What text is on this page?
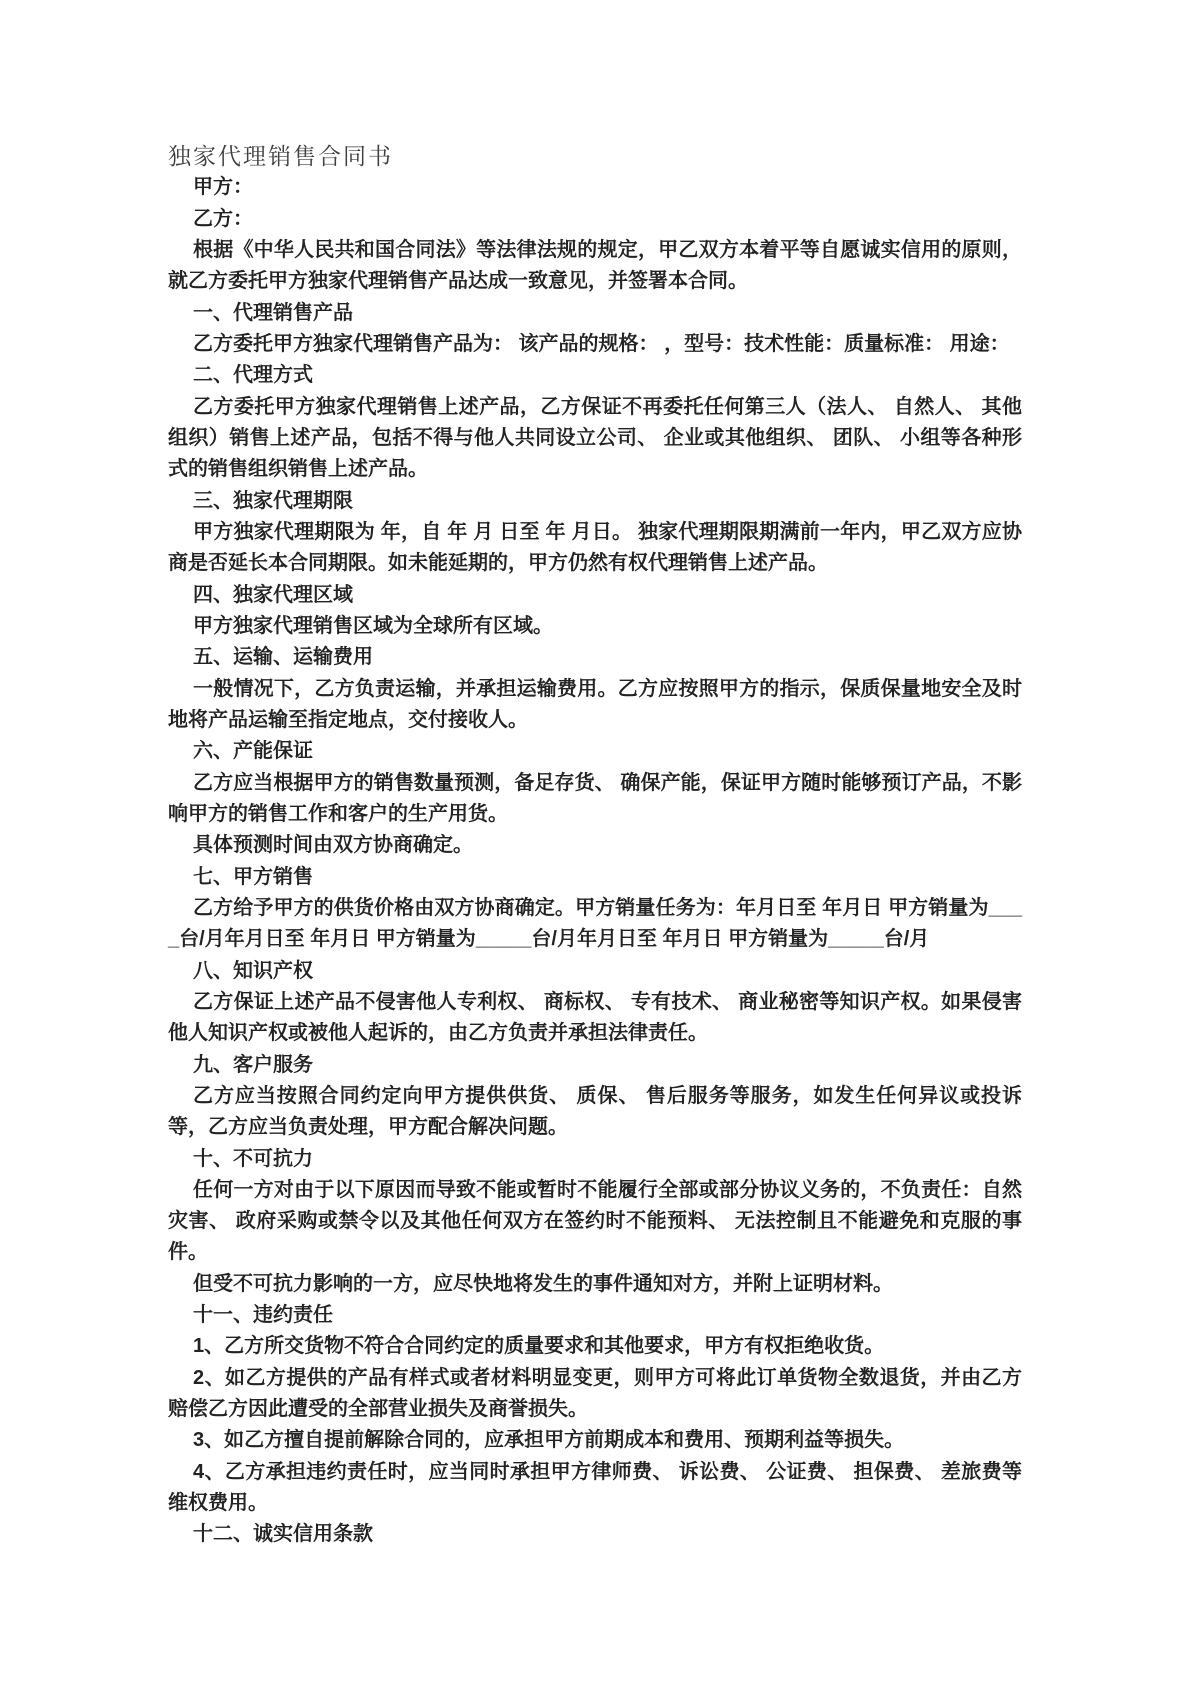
独家代理销售合同书

甲方：

乙方：

根据《中华人民共和国合同法》等法律法规的规定，甲乙双方本着平等自愿诚实信用的原则，就乙方委托甲方独家代理销售产品达成一致意见，并签署本合同。

一、代理销售产品

乙方委托甲方独家代理销售产品为： 该产品的规格： ，型号：技术性能：质量标准： 用途：

二、代理方式

乙方委托甲方独家代理销售上述产品，乙方保证不再委托任何第三人（法人、 自然人、 其他组织）销售上述产品，包括不得与他人共同设立公司、 企业或其他组织、 团队、 小组等各种形式的销售组织销售上述产品。

三、独家代理期限

甲方独家代理期限为 年，自 年 月 日至 年 月日。 独家代理期限期满前一年内，甲乙双方应协商是否延长本合同期限。如未能延期的，甲方仍然有权代理销售上述产品。

四、独家代理区域

甲方独家代理销售区域为全球所有区域。

五、运输、运输费用

一般情况下，乙方负责运输，并承担运输费用。乙方应按照甲方的指示，保质保量地安全及时地将产品运输至指定地点，交付接收人。

六、产能保证

乙方应当根据甲方的销售数量预测，备足存货、 确保产能，保证甲方随时能够预订产品，不影响甲方的销售工作和客户的生产用货。

具体预测时间由双方协商确定。

七、甲方销售

乙方给予甲方的供货价格由双方协商确定。甲方销量任务为：年月日至 年月日 甲方销量为____台/月年月日至 年月日 甲方销量为_____台/月年月日至 年月日 甲方销量为_____台/月

八、知识产权

乙方保证上述产品不侵害他人专利权、 商标权、 专有技术、 商业秘密等知识产权。如果侵害他人知识产权或被他人起诉的，由乙方负责并承担法律责任。

九、客户服务

乙方应当按照合同约定向甲方提供供货、 质保、 售后服务等服务，如发生任何异议或投诉等，乙方应当负责处理，甲方配合解决问题。

十、不可抗力

任何一方对由于以下原因而导致不能或暂时不能履行全部或部分协议义务的，不负责任：自然灾害、 政府采购或禁令以及其他任何双方在签约时不能预料、 无法控制且不能避免和克服的事件。

但受不可抗力影响的一方，应尽快地将发生的事件通知对方，并附上证明材料。

十一、违约责任

1、乙方所交货物不符合合同约定的质量要求和其他要求，甲方有权拒绝收货。

2、如乙方提供的产品有样式或者材料明显变更，则甲方可将此订单货物全数退货，并由乙方赔偿乙方因此遭受的全部营业损失及商誉损失。

3、如乙方擅自提前解除合同的，应承担甲方前期成本和费用、预期利益等损失。

4、乙方承担违约责任时，应当同时承担甲方律师费、 诉讼费、 公证费、 担保费、 差旅费等维权费用。

十二、诚实信用条款
